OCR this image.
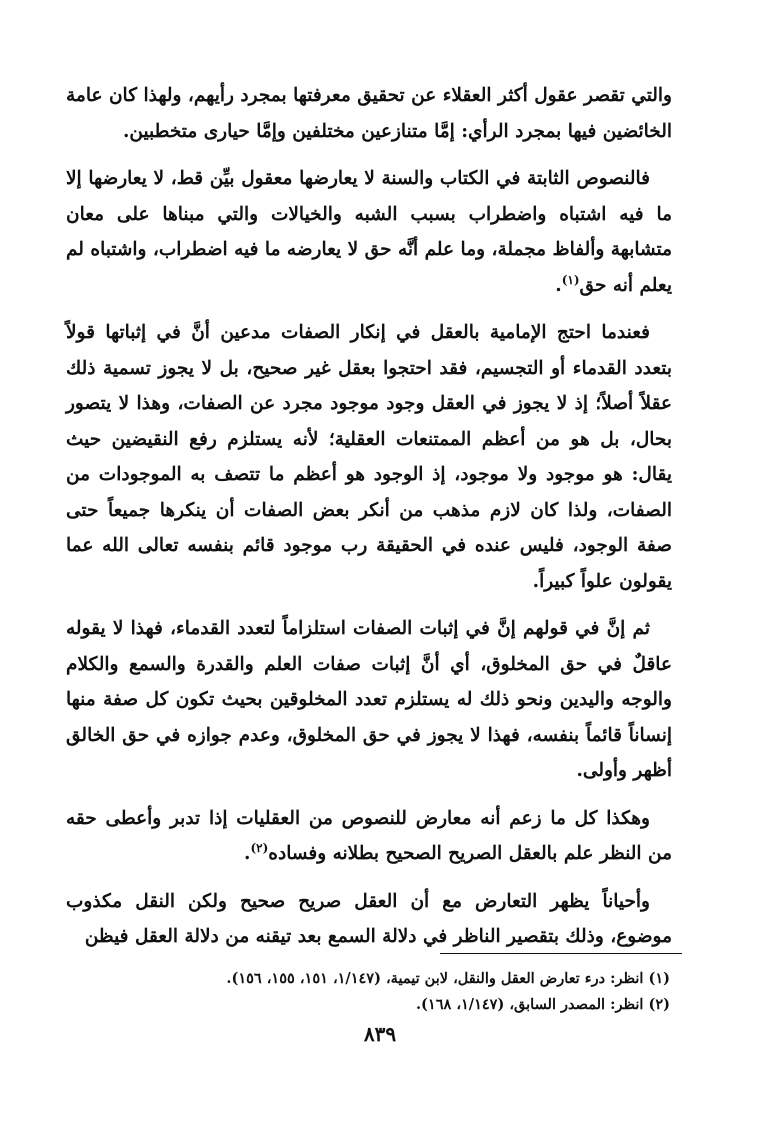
والتي تقصر عقول أكثر العقلاء عن تحقيق معرفتها بمجرد رأيهم، ولهذا كان عامة الخائضين فيها بمجرد الرأي: إمَّا متنازعين مختلفين وإمَّا حيارى متخطبين.

فالنصوص الثابتة في الكتاب والسنة لا يعارضها معقول بيِّن قط، لا يعارضها إلا ما فيه اشتباه واضطراب بسبب الشبه والخيالات والتي مبناها على معان متشابهة وألفاظ مجملة، وما علم أنَّه حق لا يعارضه ما فيه اضطراب، واشتباه لم يعلم أنه حق$^{(١)}$.

فعندما احتج الإمامية بالعقل في إنكار الصفات مدعين أنَّ في إثباتها قولاً بتعدد القدماء أو التجسيم، فقد احتجوا بعقل غير صحيح، بل لا يجوز تسمية ذلك عقلاً أصلاً؛ إذ لا يجوز في العقل وجود موجود مجرد عن الصفات، وهذا لا يتصور بحال، بل هو من أعظم الممتنعات العقلية؛ لأنه يستلزم رفع النقيضين حيث يقال: هو موجود ولا موجود، إذ الوجود هو أعظم ما تتصف به الموجودات من الصفات، ولذا كان لازم مذهب من أنكر بعض الصفات أن ينكرها جميعاً حتى صفة الوجود، فليس عنده في الحقيقة رب موجود قائم بنفسه تعالى الله عما يقولون علواً كبيراً.

ثم إنَّ في قولهم إنَّ في إثبات الصفات استلزاماً لتعدد القدماء، فهذا لا يقوله عاقلٌ في حق المخلوق، أي أنَّ إثبات صفات العلم والقدرة والسمع والكلام والوجه واليدين ونحو ذلك له يستلزم تعدد المخلوقين بحيث تكون كل صفة منها إنساناً قائماً بنفسه، فهذا لا يجوز في حق المخلوق، وعدم جوازه في حق الخالق أظهر وأولى.

وهكذا كل ما زعم أنه معارض للنصوص من العقليات إذا تدبر وأعطى حقه من النظر علم بالعقل الصريح الصحيح بطلانه وفساده$^{(٢)}$.

وأحياناً يظهر التعارض مع أن العقل صريح صحيح ولكن النقل مكذوب موضوع، وذلك بتقصير الناظر في دلالة السمع بعد تيقنه من دلالة العقل فيظن

(١) انظر: درء تعارض العقل والنقل، لابن تيمية، (١/١٤٧، ١٥١، ١٥٥، ١٥٦).

(٢) انظر: المصدر السابق، (١/١٤٧، ١٦٨).

٨٣٩
